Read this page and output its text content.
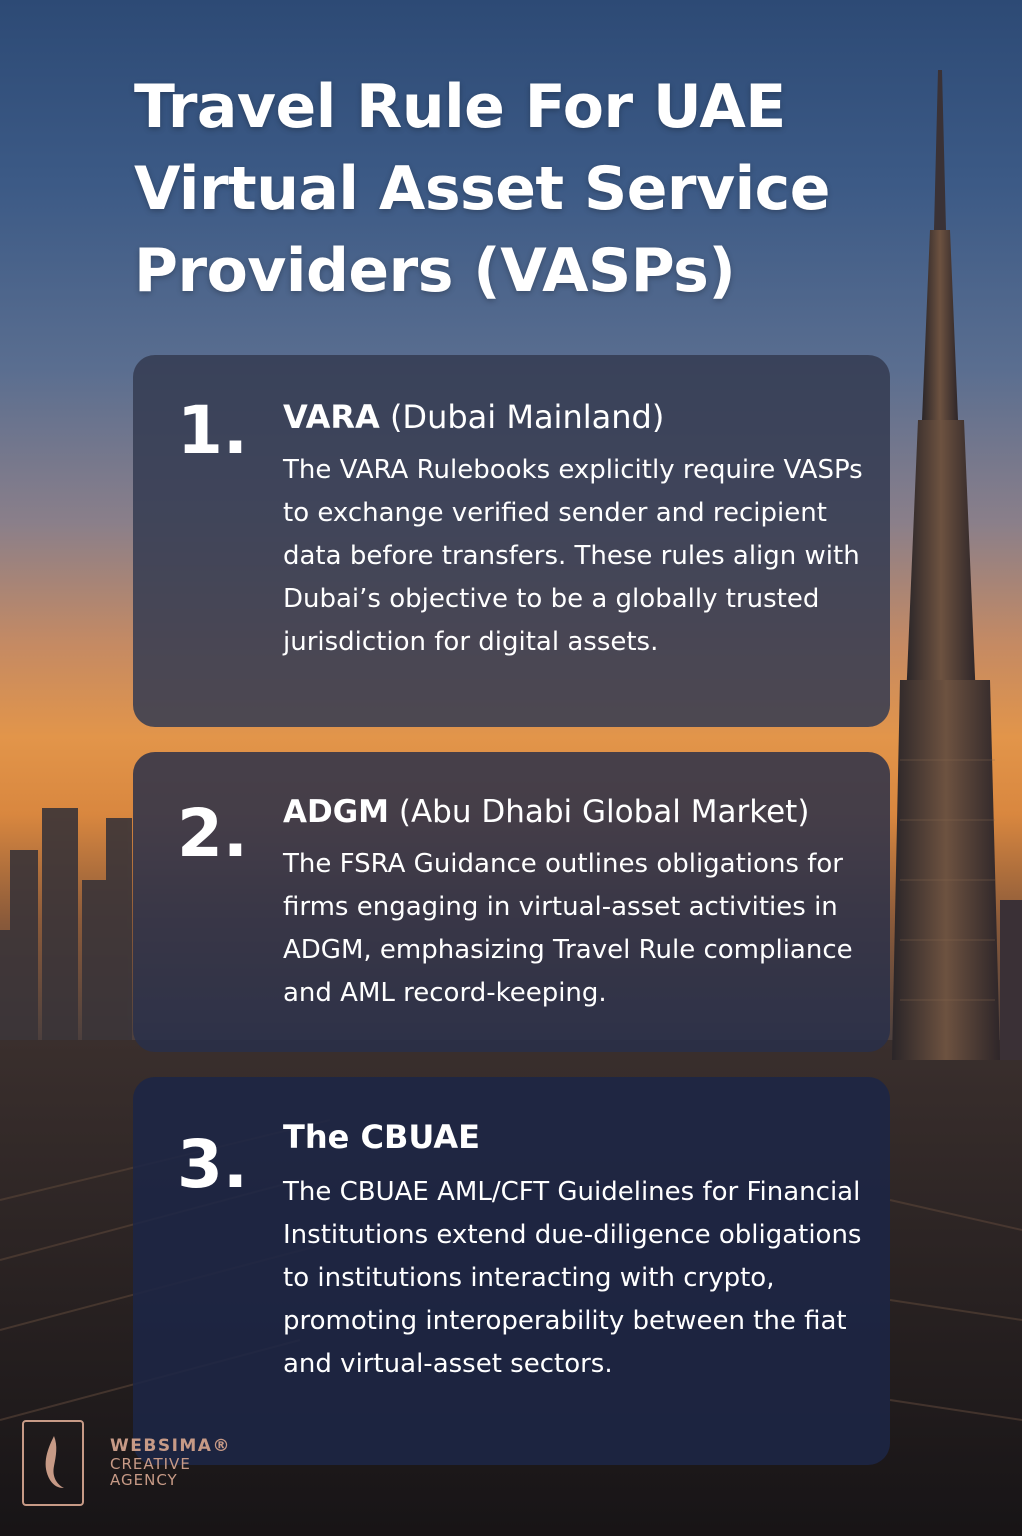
Travel Rule For UAE
Virtual Asset Service
Providers (VASPs)
1. VARA (Dubai Mainland)
The VARA Rulebooks explicitly require VASPs to exchange verified sender and recipient data before transfers. These rules align with Dubai’s objective to be a globally trusted jurisdiction for digital assets.
2. ADGM (Abu Dhabi Global Market)
The FSRA Guidance outlines obligations for firms engaging in virtual-asset activities in ADGM, emphasizing Travel Rule compliance and AML record-keeping.
3. The CBUAE
The CBUAE AML/CFT Guidelines for Financial Institutions extend due-diligence obligations to institutions interacting with crypto, promoting interoperability between the fiat and virtual-asset sectors.
WEBSIMA®
CREATIVE
AGENCY
